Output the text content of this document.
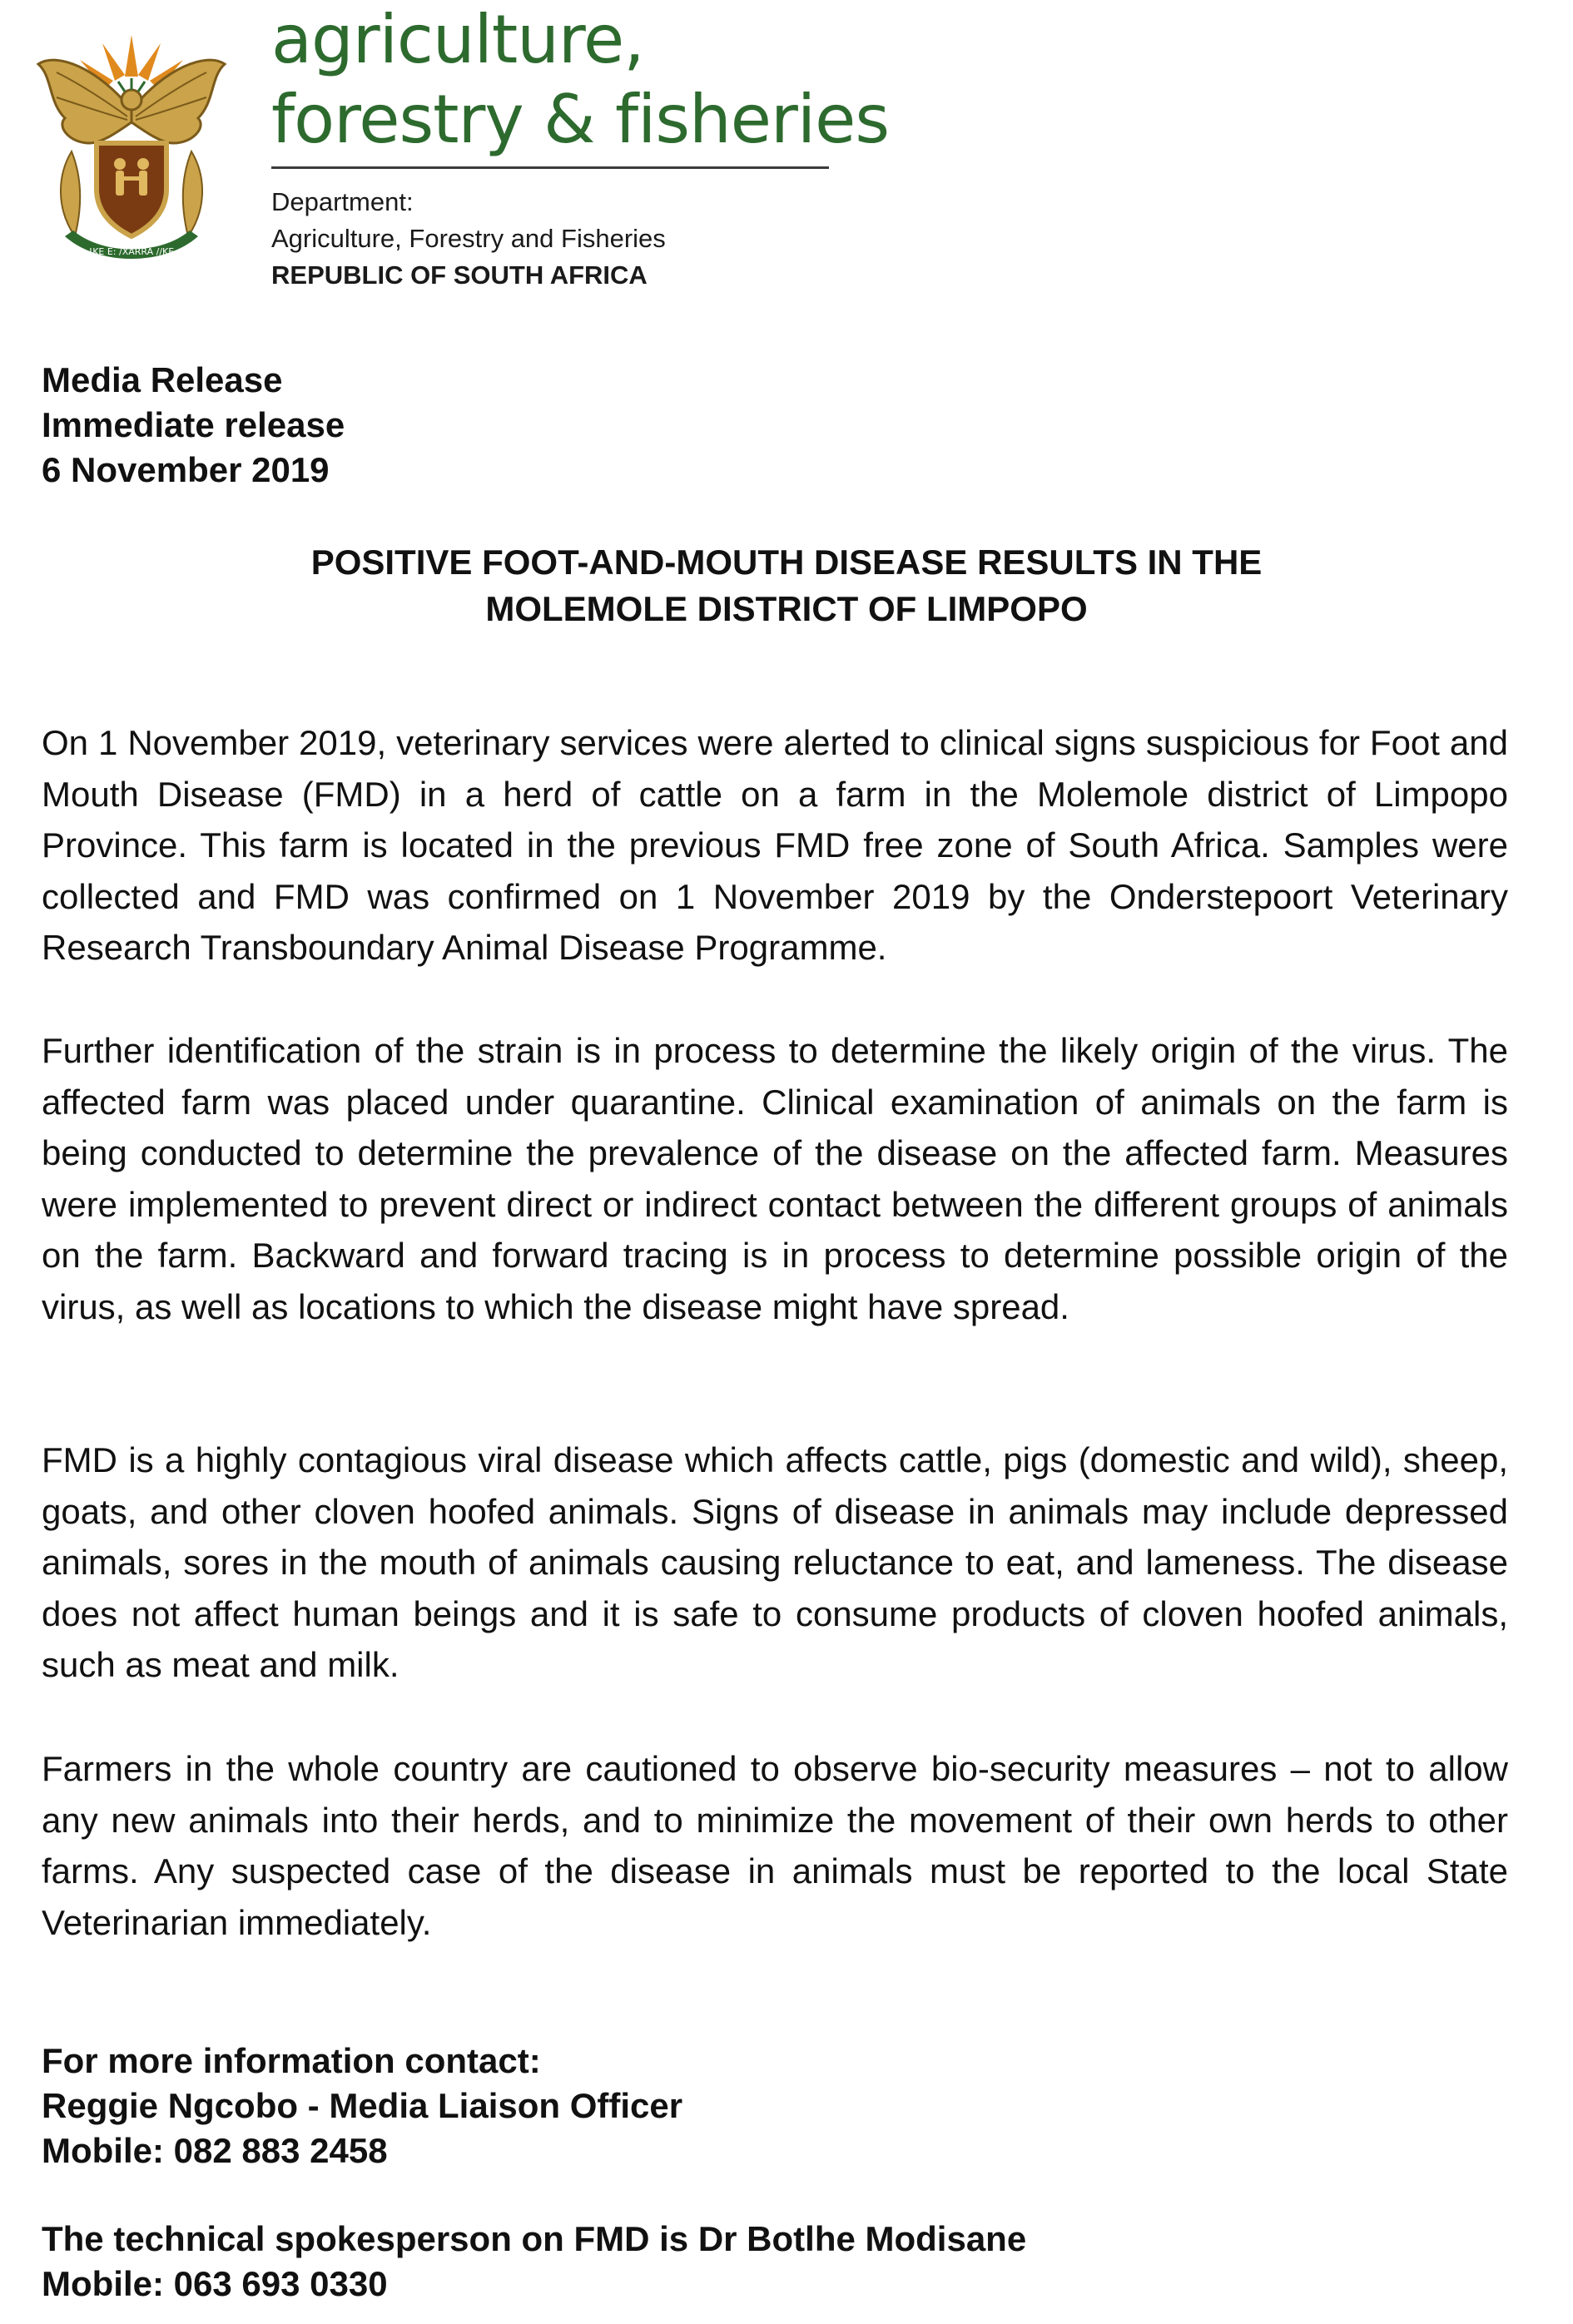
!KE E: /XARRA //KE
agriculture,
forestry & fisheries
Department:
Agriculture, Forestry and Fisheries
REPUBLIC OF SOUTH AFRICA
Media Release
Immediate release
6 November 2019
POSITIVE FOOT-AND-MOUTH DISEASE RESULTS IN THE
MOLEMOLE DISTRICT OF LIMPOPO

On 1 November 2019, veterinary services were alerted to clinical signs suspicious for Foot and Mouth Disease (FMD) in a herd of cattle on a farm in the Molemole district of Limpopo Province. This farm is located in the previous FMD free zone of South Africa. Samples were collected and FMD was confirmed on 1 November 2019 by the Onderstepoort Veterinary Research Transboundary Animal Disease Programme.

Further identification of the strain is in process to determine the likely origin of the virus. The affected farm was placed under quarantine. Clinical examination of animals on the farm is being conducted to determine the prevalence of the disease on the affected farm. Measures were implemented to prevent direct or indirect contact between the different groups of animals on the farm. Backward and forward tracing is in process to determine possible origin of the virus, as well as locations to which the disease might have spread.

FMD is a highly contagious viral disease which affects cattle, pigs (domestic and wild), sheep, goats, and other cloven hoofed animals. Signs of disease in animals may include depressed animals, sores in the mouth of animals causing reluctance to eat, and lameness. The disease does not affect human beings and it is safe to consume products of cloven hoofed animals, such as meat and milk.

Farmers in the whole country are cautioned to observe bio-security measures – not to allow any new animals into their herds, and to minimize the movement of their own herds to other farms. Any suspected case of the disease in animals must be reported to the local State Veterinarian immediately.

For more information contact:
Reggie Ngcobo - Media Liaison Officer
Mobile: 082 883 2458
The technical spokesperson on FMD is Dr Botlhe Modisane
Mobile: 063 693 0330
